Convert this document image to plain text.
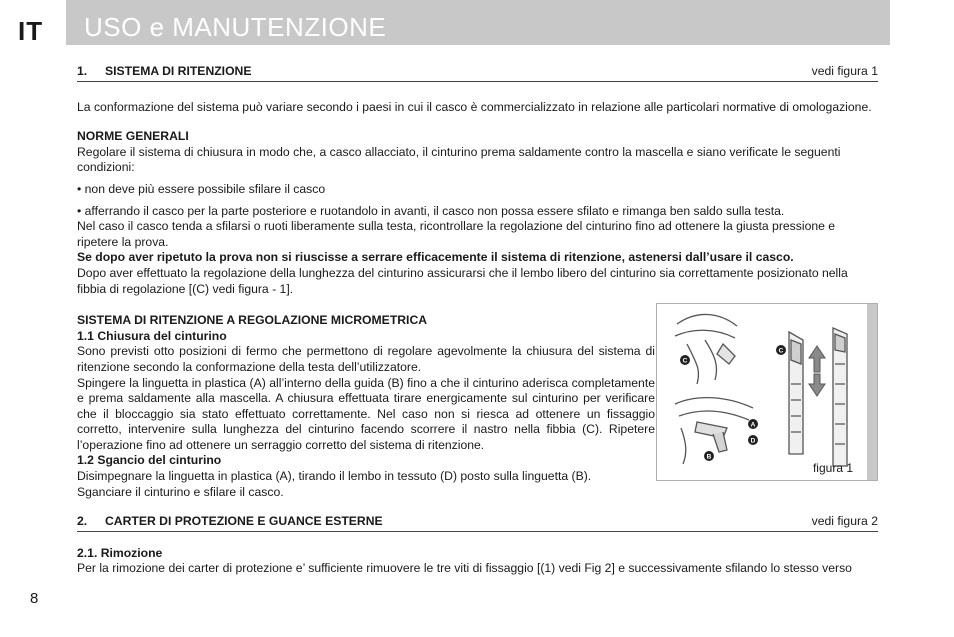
IT USO e MANUTENZIONE
1. SISTEMA DI RITENZIONE	vedi figura 1

La conformazione del sistema può variare secondo i paesi in cui il casco è commercializzato in relazione alle particolari normative di omologazione.

NORME GENERALI

Regolare il sistema di chiusura in modo che, a casco allacciato, il cinturino prema saldamente contro la mascella e siano verificate le seguenti condizioni:

• non deve più essere possibile sfilare il casco

• afferrando il casco per la parte posteriore e ruotandolo in avanti, il casco non possa essere sfilato e rimanga ben saldo sulla testa.

Nel caso il casco tenda a sfilarsi o ruoti liberamente sulla testa, ricontrollare la regolazione del cinturino fino ad ottenere la giusta pressione e ripetere la prova.

Se dopo aver ripetuto la prova non si riuscisse a serrare efficacemente il sistema di ritenzione, astenersi dall’usare il casco.

Dopo aver effettuato la regolazione della lunghezza del cinturino assicurarsi che il lembo libero del cinturino sia correttamente posizionato nella fibbia di regolazione [(C) vedi figura - 1].

SISTEMA DI RITENZIONE A REGOLAZIONE MICROMETRICA

1.1 Chiusura del cinturino

Sono previsti otto posizioni di fermo che permettono di regolare agevolmente la chiusura del sistema di ritenzione secondo la conformazione della testa dell’utilizzatore.

Spingere la linguetta in plastica (A) all’interno della guida (B) fino a che il cinturino aderisca completamente e prema saldamente alla mascella. A chiusura effettuata tirare energicamente sul cinturino per verificare che il bloccaggio sia stato effettuato correttamente. Nel caso non si riesca ad ottenere un fissaggio corretto, intervenire sulla lunghezza del cinturino facendo scorrere il nastro nella fibbia (C). Ripetere l’operazione fino ad ottenere un serraggio corretto del sistema di ritenzione.

1.2 Sgancio del cinturino

Disimpegnare la linguetta in plastica (A), tirando il lembo in tessuto (D) posto sulla linguetta (B).

Sganciare il cinturino e sfilare il casco.

C
C
A
D
B
figura 1
2. CARTER DI PROTEZIONE E GUANCE ESTERNE	vedi figura 2

2.1. Rimozione

Per la rimozione dei carter di protezione e’ sufficiente rimuovere le tre viti di fissaggio [(1) vedi Fig 2] e successivamente sfilando lo stesso verso

8
